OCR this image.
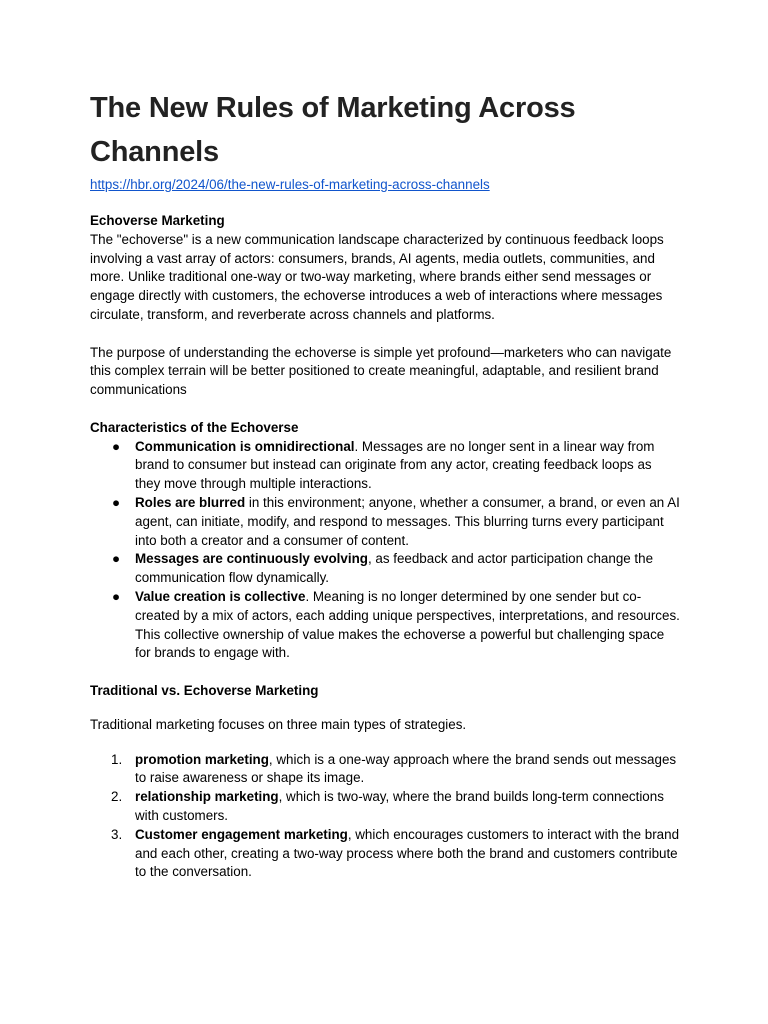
The New Rules of Marketing Across Channels
https://hbr.org/2024/06/the-new-rules-of-marketing-across-channels

Echoverse Marketing

The "echoverse" is a new communication landscape characterized by continuous feedback loops involving a vast array of actors: consumers, brands, AI agents, media outlets, communities, and more. Unlike traditional one-way or two-way marketing, where brands either send messages or engage directly with customers, the echoverse introduces a web of interactions where messages circulate, transform, and reverberate across channels and platforms.

The purpose of understanding the echoverse is simple yet profound—marketers who can navigate this complex terrain will be better positioned to create meaningful, adaptable, and resilient brand communications

Characteristics of the Echoverse

● Communication is omnidirectional. Messages are no longer sent in a linear way from brand to consumer but instead can originate from any actor, creating feedback loops as they move through multiple interactions.
● Roles are blurred in this environment; anyone, whether a consumer, a brand, or even an AI agent, can initiate, modify, and respond to messages. This blurring turns every participant into both a creator and a consumer of content.
● Messages are continuously evolving, as feedback and actor participation change the communication flow dynamically.
● Value creation is collective. Meaning is no longer determined by one sender but co-created by a mix of actors, each adding unique perspectives, interpretations, and resources. This collective ownership of value makes the echoverse a powerful but challenging space for brands to engage with.

Traditional vs. Echoverse Marketing

Traditional marketing focuses on three main types of strategies.

1. promotion marketing, which is a one-way approach where the brand sends out messages to raise awareness or shape its image.
2. relationship marketing, which is two-way, where the brand builds long-term connections with customers.
3. Customer engagement marketing, which encourages customers to interact with the brand and each other, creating a two-way process where both the brand and customers contribute to the conversation.
